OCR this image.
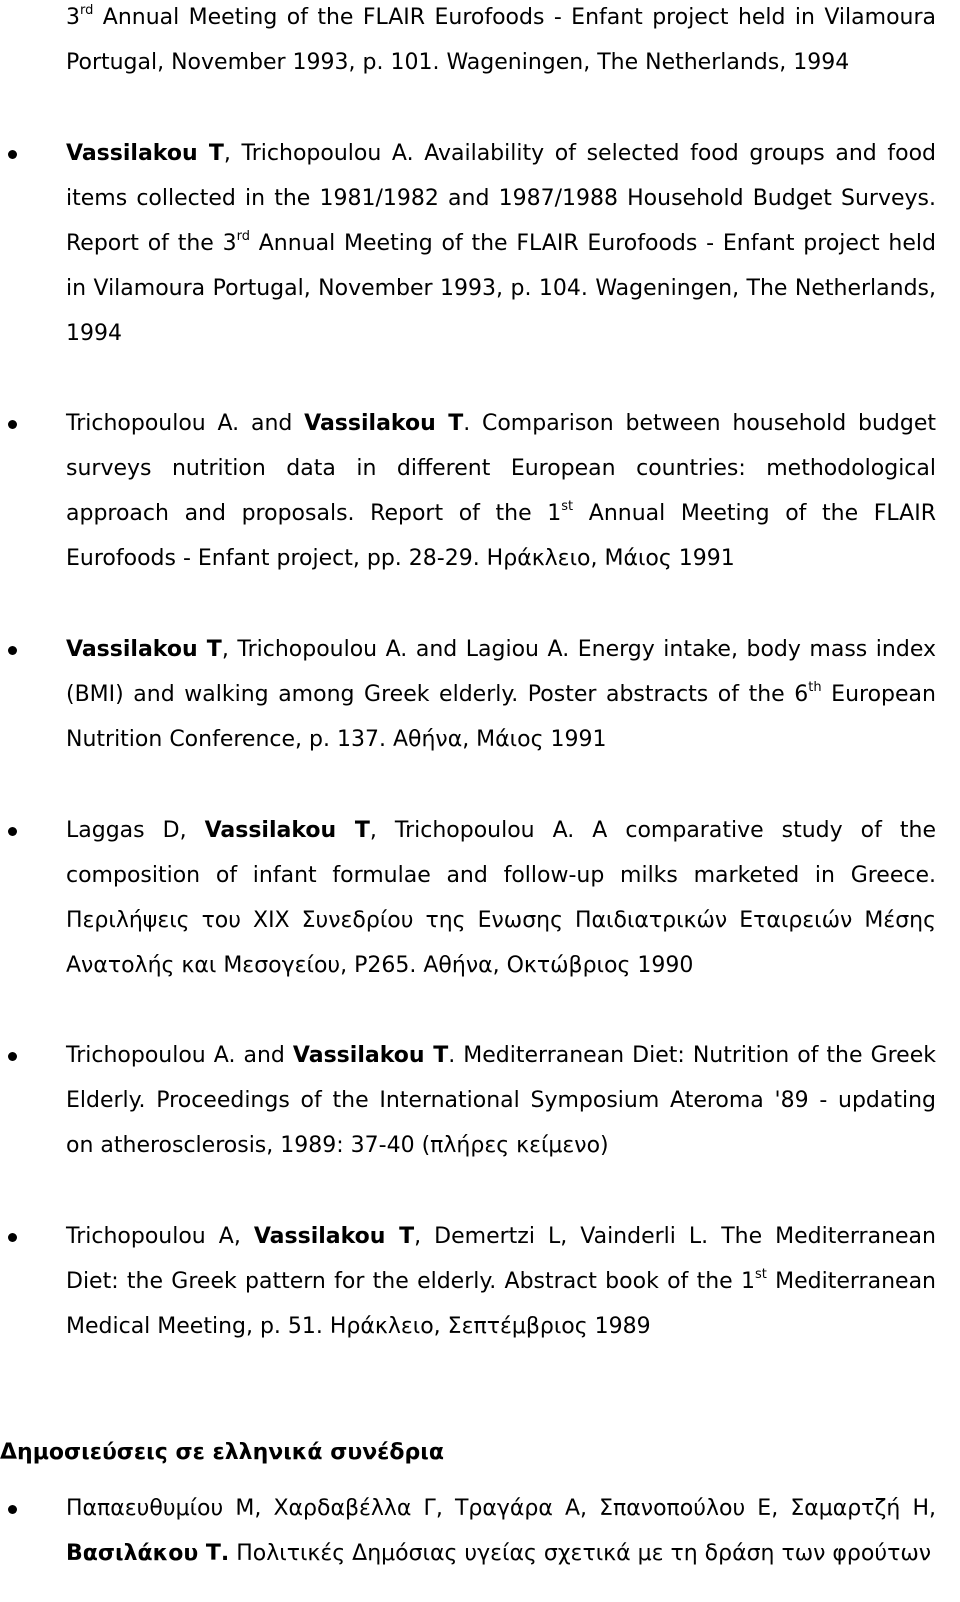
3rd Annual Meeting of the FLAIR Eurofoods - Enfant project held in Vilamoura Portugal, November 1993, p. 101. Wageningen, The Netherlands, 1994

Vassilakou T, Trichopoulou A. Availability of selected food groups and food items collected in the 1981/1982 and 1987/1988 Household Budget Surveys. Report of the 3rd Annual Meeting of the FLAIR Eurofoods - Enfant project held in Vilamoura Portugal, November 1993, p. 104. Wageningen, The Netherlands, 1994

Trichopoulou A. and Vassilakou T. Comparison between household budget surveys nutrition data in different European countries: methodological approach and proposals. Report of the 1st Annual Meeting of the FLAIR Eurofoods - Enfant project, pp. 28-29. Ηράκλειο, Μάιος 1991

Vassilakou T, Trichopoulou A. and Lagiou A. Energy intake, body mass index (BMI) and walking among Greek elderly. Poster abstracts of the 6th European Nutrition Conference, p. 137. Αθήνα, Μάιος 1991

Laggas D, Vassilakou T, Trichopoulou A. A comparative study of the composition of infant formulae and follow-up milks marketed in Greece. Περιλήψεις του XIX Συνεδρίου της Ενωσης Παιδιατρικών Εταιρειών Μέσης Ανατολής και Μεσογείου, P265. Αθήνα, Οκτώβριος 1990

Trichopoulou A. and Vassilakou T. Mediterranean Diet: Nutrition of the Greek Elderly. Proceedings of the International Symposium Ateroma '89 - updating on atherosclerosis, 1989: 37-40 (πλήρες κείμενο)

Trichopoulou A, Vassilakou T, Demertzi L, Vainderli L. The Mediterranean Diet: the Greek pattern for the elderly. Abstract book of the 1st Mediterranean Medical Meeting, p. 51. Ηράκλειο, Σεπτέμβριος 1989

Δημοσιεύσεις σε ελληνικά συνέδρια

Παπαευθυμίου Μ, Χαρδαβέλλα Γ, Τραγάρα Α, Σπανοπούλου Ε, Σαμαρτζή Η, Βασιλάκου Τ. Πολιτικές Δημόσιας υγείας σχετικά με τη δράση των φρούτων
